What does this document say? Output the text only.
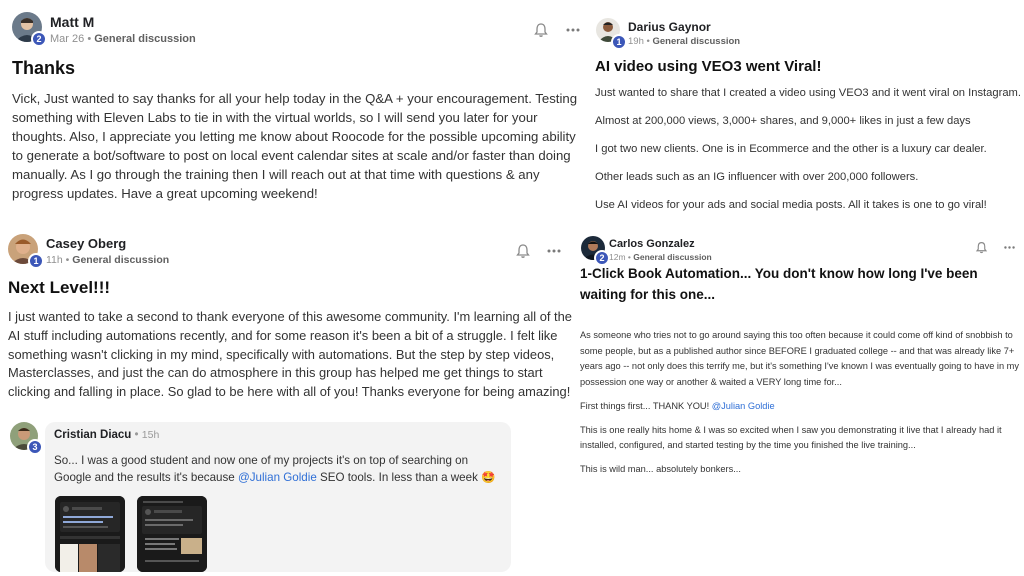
2
Matt M
Mar 26 • General discussion
Thanks

Vick, Just wanted to say thanks for all your help today in the Q&A + your encouragement. Testing something with Eleven Labs to tie in with the virtual worlds, so I will send you later for your thoughts. Also, I appreciate you letting me know about Roocode for the possible upcoming ability to generate a bot/software to post on local event calendar sites at scale and/or faster than doing manually. As I go through the training then I will reach out at that time with questions & any progress updates. Have a great upcoming weekend!

1
Darius Gaynor
19h • General discussion
AI video using VEO3 went Viral!

Just wanted to share that I created a video using VEO3 and it went viral on Instagram.

Almost at 200,000 views, 3,000+ shares, and 9,000+ likes in just a few days

I got two new clients. One is in Ecommerce and the other is a luxury car dealer.

Other leads such as an IG influencer with over 200,000 followers.

Use AI videos for your ads and social media posts. All it takes is one to go viral!

1
Casey Oberg
11h • General discussion
Next Level!!!

I just wanted to take a second to thank everyone of this awesome community. I'm learning all of the AI stuff including automations recently, and for some reason it's been a bit of a struggle. I felt like something wasn't clicking in my mind, specifically with automations. But the step by step videos, Masterclasses, and just the can do atmosphere in this group has helped me get things to start clicking and falling in place. So glad to be here with all of you! Thanks everyone for being amazing!

3
Cristian Diacu • 15h
So... I was a good student and now one of my projects it's on top of searching on Google and the results it's because @Julian Goldie SEO tools. In less than a week 🤩
2
Carlos Gonzalez
12m • General discussion
1-Click Book Automation... You don't know how long I've been waiting for this one...

As someone who tries not to go around saying this too often because it could come off kind of snobbish to some people, but as a published author since BEFORE I graduated college -- and that was already like 7+ years ago -- not only does this terrify me, but it's something I've known I was eventually going to have in my possession one way or another & waited a VERY long time for...

First things first... THANK YOU! @Julian Goldie

This is one really hits home & I was so excited when I saw you demonstrating it live that I already had it installed, configured, and started testing by the time you finished the live training...

This is wild man... absolutely bonkers...
